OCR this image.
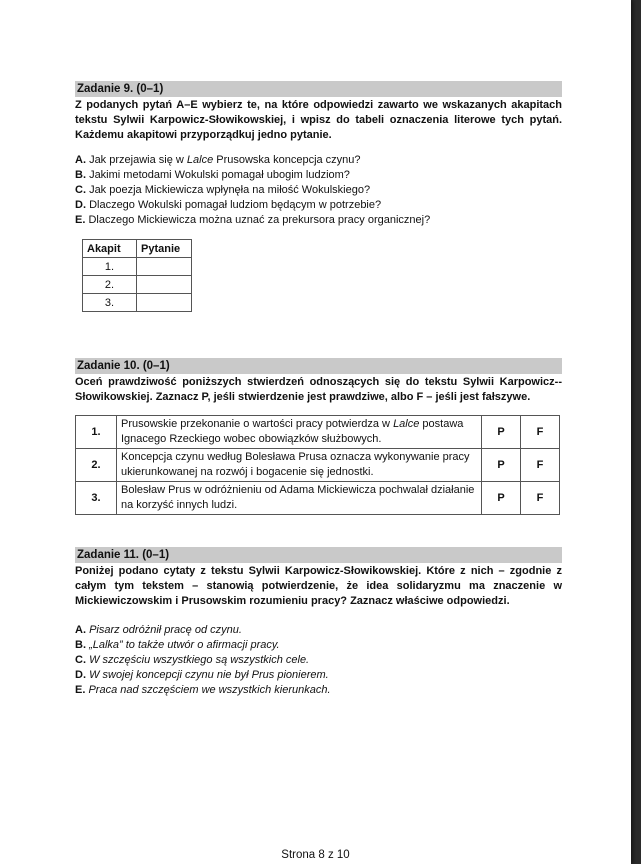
Zadanie 9. (0–1)
Z podanych pytań A–E wybierz te, na które odpowiedzi zawarto we wskazanych akapitach tekstu Sylwii Karpowicz-Słowikowskiej, i wpisz do tabeli oznaczenia literowe tych pytań. Każdemu akapitowi przyporządkuj jedno pytanie.
A. Jak przejawia się w Lalce Prusowska koncepcja czynu?
B. Jakimi metodami Wokulski pomagał ubogim ludziom?
C. Jak poezja Mickiewicza wpłynęła na miłość Wokulskiego?
D. Dlaczego Wokulski pomagał ludziom będącym w potrzebie?
E. Dlaczego Mickiewicza można uznać za prekursora pracy organicznej?
Akapit	Pytanie
1.	
2.	
3.	
Zadanie 10. (0–1)
Oceń prawdziwość poniższych stwierdzeń odnoszących się do tekstu Sylwii Karpowicz--Słowikowskiej. Zaznacz P, jeśli stwierdzenie jest prawdziwe, albo F – jeśli jest fałszywe.
1.	Prusowskie przekonanie o wartości pracy potwierdza w Lalce postawa Ignacego Rzeckiego wobec obowiązków służbowych.	P	F
2.	Koncepcja czynu według Bolesława Prusa oznacza wykonywanie pracy ukierunkowanej na rozwój i bogacenie się jednostki.	P	F
3.	Bolesław Prus w odróżnieniu od Adama Mickiewicza pochwalał działanie na korzyść innych ludzi.	P	F
Zadanie 11. (0–1)
Poniżej podano cytaty z tekstu Sylwii Karpowicz-Słowikowskiej. Które z nich – zgodnie z całym tym tekstem – stanowią potwierdzenie, że idea solidaryzmu ma znaczenie w Mickiewiczowskim i Prusowskim rozumieniu pracy? Zaznacz właściwe odpowiedzi.
A. Pisarz odróżnił pracę od czynu.
B. „Lalka” to także utwór o afirmacji pracy.
C. W szczęściu wszystkiego są wszystkich cele.
D. W swojej koncepcji czynu nie był Prus pionierem.
E. Praca nad szczęściem we wszystkich kierunkach.
Strona 8 z 10
